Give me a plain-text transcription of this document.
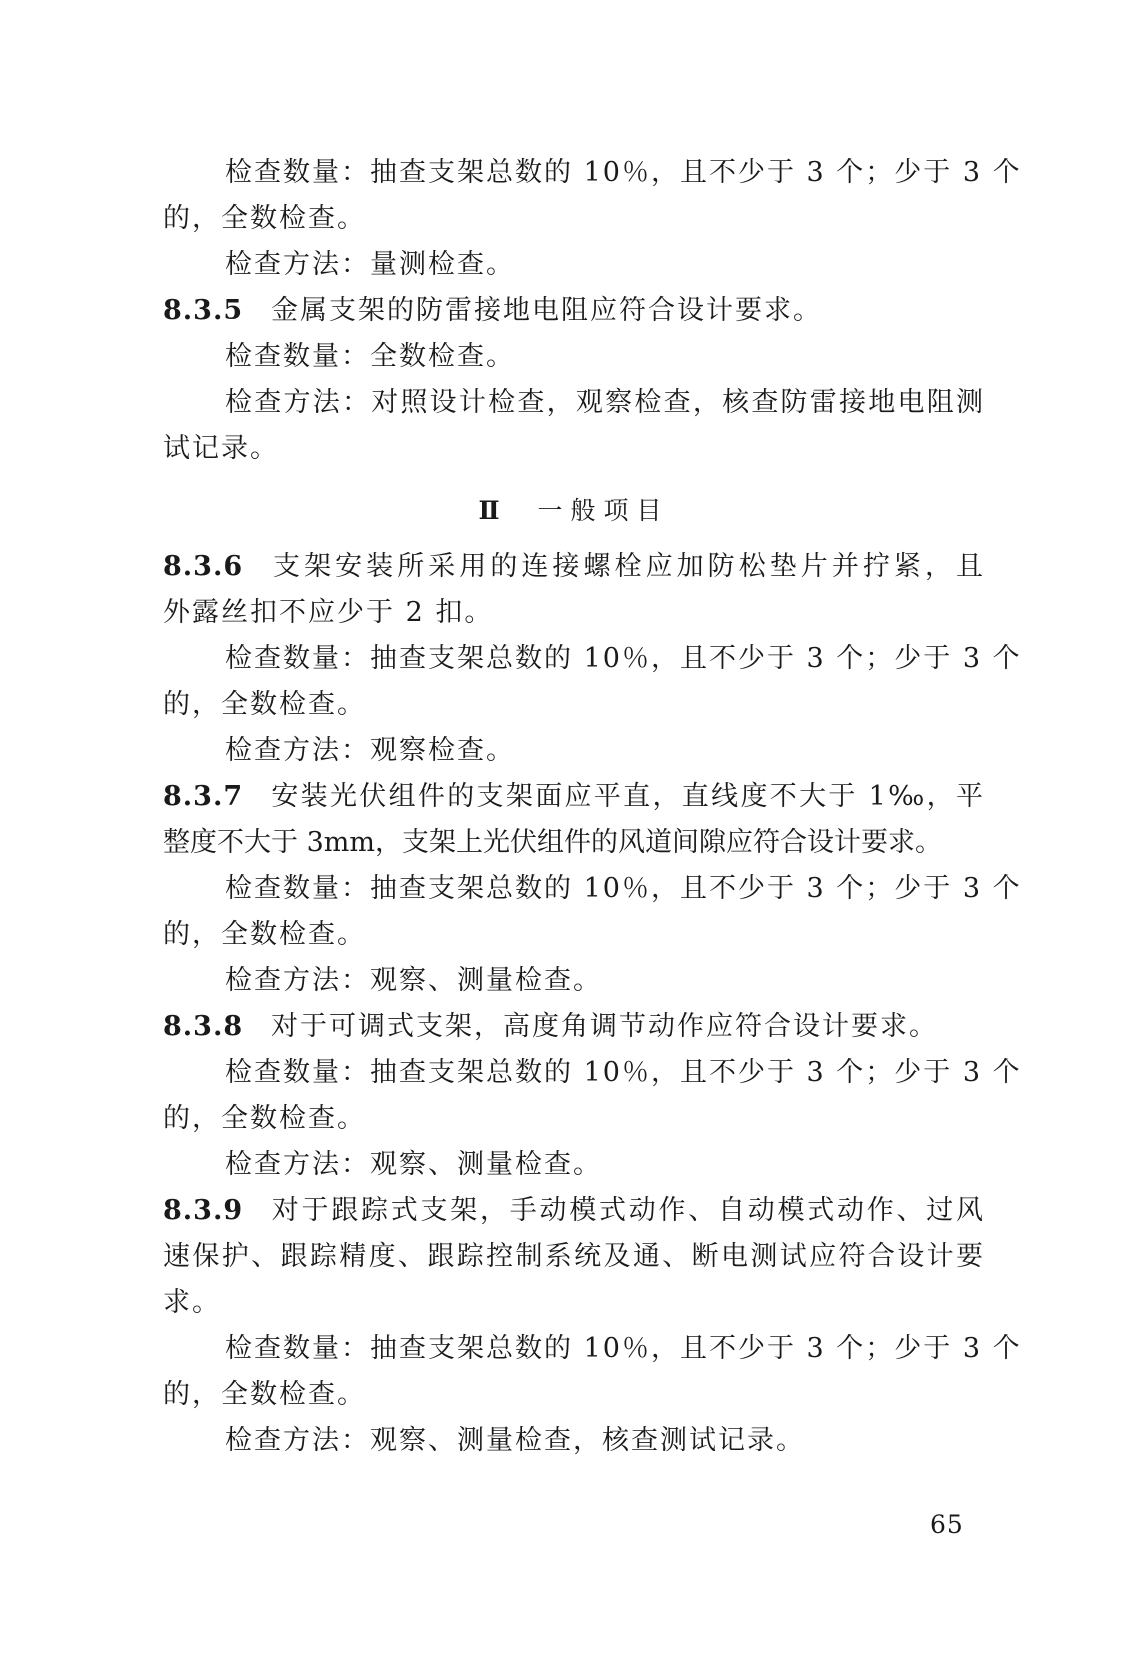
检查数量：抽查支架总数的 10％，且不少于 3 个；少于 3 个

的，全数检查。

检查方法：量测检查。

8.3.5 金属支架的防雷接地电阻应符合设计要求。

检查数量：全数检查。

检查方法：对照设计检查，观察检查，核查防雷接地电阻测

试记录。

Ⅱ 一般项目

8.3.6 支架安装所采用的连接螺栓应加防松垫片并拧紧，且

外露丝扣不应少于 2 扣。

检查数量：抽查支架总数的 10％，且不少于 3 个；少于 3 个

的，全数检查。

检查方法：观察检查。

8.3.7 安装光伏组件的支架面应平直，直线度不大于 1‰，平

整度不大于 3mm，支架上光伏组件的风道间隙应符合设计要求。

检查数量：抽查支架总数的 10％，且不少于 3 个；少于 3 个

的，全数检查。

检查方法：观察、测量检查。

8.3.8 对于可调式支架，高度角调节动作应符合设计要求。

检查数量：抽查支架总数的 10％，且不少于 3 个；少于 3 个

的，全数检查。

检查方法：观察、测量检查。

8.3.9 对于跟踪式支架，手动模式动作、自动模式动作、过风

速保护、跟踪精度、跟踪控制系统及通、断电测试应符合设计要

求。

检查数量：抽查支架总数的 10％，且不少于 3 个；少于 3 个

的，全数检查。

检查方法：观察、测量检查，核查测试记录。

65
